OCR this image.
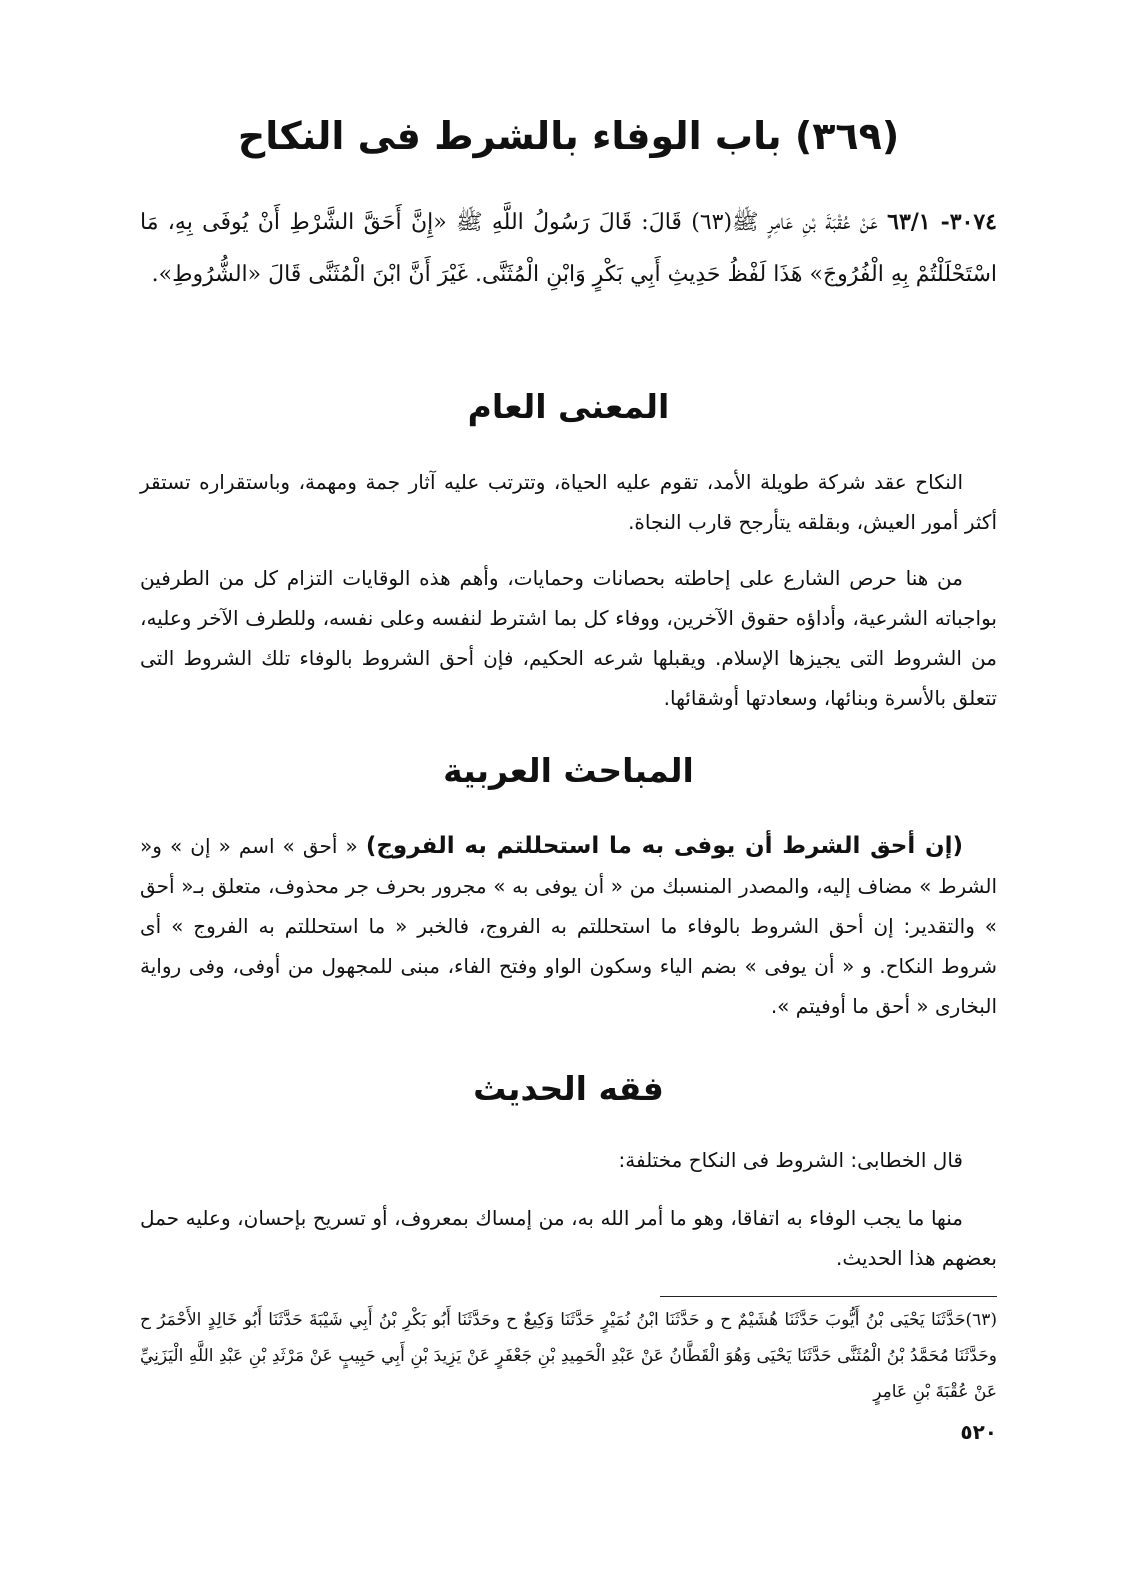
(٣٦٩) باب الوفاء بالشرط فى النكاح
٣٠٧٤- ٦٣/١ عَنْ عُقْبَةَ بْنِ عَامِرٍ ﷺ(٦٣) قَالَ: قَالَ رَسُولُ اللَّهِ ﷺ «إِنَّ أَحَقَّ الشَّرْطِ أَنْ يُوفَى بِهِ، مَا اسْتَحْلَلْتُمْ بِهِ الْفُرُوجَ» هَذَا لَفْظُ حَدِيثِ أَبِي بَكْرٍ وَابْنِ الْمُثَنَّى. غَيْرَ أَنَّ ابْنَ الْمُثَنَّى قَالَ «الشُّرُوطِ».
المعنى العام

النكاح عقد شركة طويلة الأمد، تقوم عليه الحياة، وتترتب عليه آثار جمة ومهمة، وباستقراره تستقر أكثر أمور العيش، وبقلقه يتأرجح قارب النجاة.

من هنا حرص الشارع على إحاطته بحصانات وحمايات، وأهم هذه الوقايات التزام كل من الطرفين بواجباته الشرعية، وأداؤه حقوق الآخرين، ووفاء كل بما اشترط لنفسه وعلى نفسه، وللطرف الآخر وعليه، من الشروط التى يجيزها الإسلام. ويقبلها شرعه الحكيم، فإن أحق الشروط بالوفاء تلك الشروط التى تتعلق بالأسرة وبنائها، وسعادتها أوشقائها.

المباحث العربية

(إن أحق الشرط أن يوفى به ما استحللتم به الفروج) « أحق » اسم « إن » و« الشرط » مضاف إليه، والمصدر المنسبك من « أن يوفى به » مجرور بحرف جر محذوف، متعلق بـ« أحق » والتقدير: إن أحق الشروط بالوفاء ما استحللتم به الفروج، فالخبر « ما استحللتم به الفروج » أى شروط النكاح. و « أن يوفى » بضم الياء وسكون الواو وفتح الفاء، مبنى للمجهول من أوفى، وفى رواية البخارى « أحق ما أوفيتم ».

فقه الحديث

قال الخطابى: الشروط فى النكاح مختلفة:

منها ما يجب الوفاء به اتفاقا، وهو ما أمر الله به، من إمساك بمعروف، أو تسريح بإحسان، وعليه حمل بعضهم هذا الحديث.

(٦٣)حَدَّثَنَا يَحْيَى بْنُ أَيُّوبَ حَدَّثَنَا هُشَيْمٌ ح و حَدَّثَنَا ابْنُ نُمَيْرٍ حَدَّثَنَا وَكِيعٌ ح وحَدَّثَنَا أَبُو بَكْرِ بْنُ أَبِي شَيْبَةَ حَدَّثَنَا أَبُو خَالِدٍ الأَحْمَرُ ح وحَدَّثَنَا مُحَمَّدُ بْنُ الْمُثَنَّى حَدَّثَنَا يَحْيَى وَهُوَ الْقَطَّانُ عَنْ عَبْدِ الْحَمِيدِ بْنِ جَعْفَرٍ عَنْ يَزِيدَ بْنِ أَبِي حَبِيبٍ عَنْ مَرْثَدِ بْنِ عَبْدِ اللَّهِ الْيَزَنِيِّ عَنْ عُقْبَةَ بْنِ عَامِرٍ
٥٢٠
